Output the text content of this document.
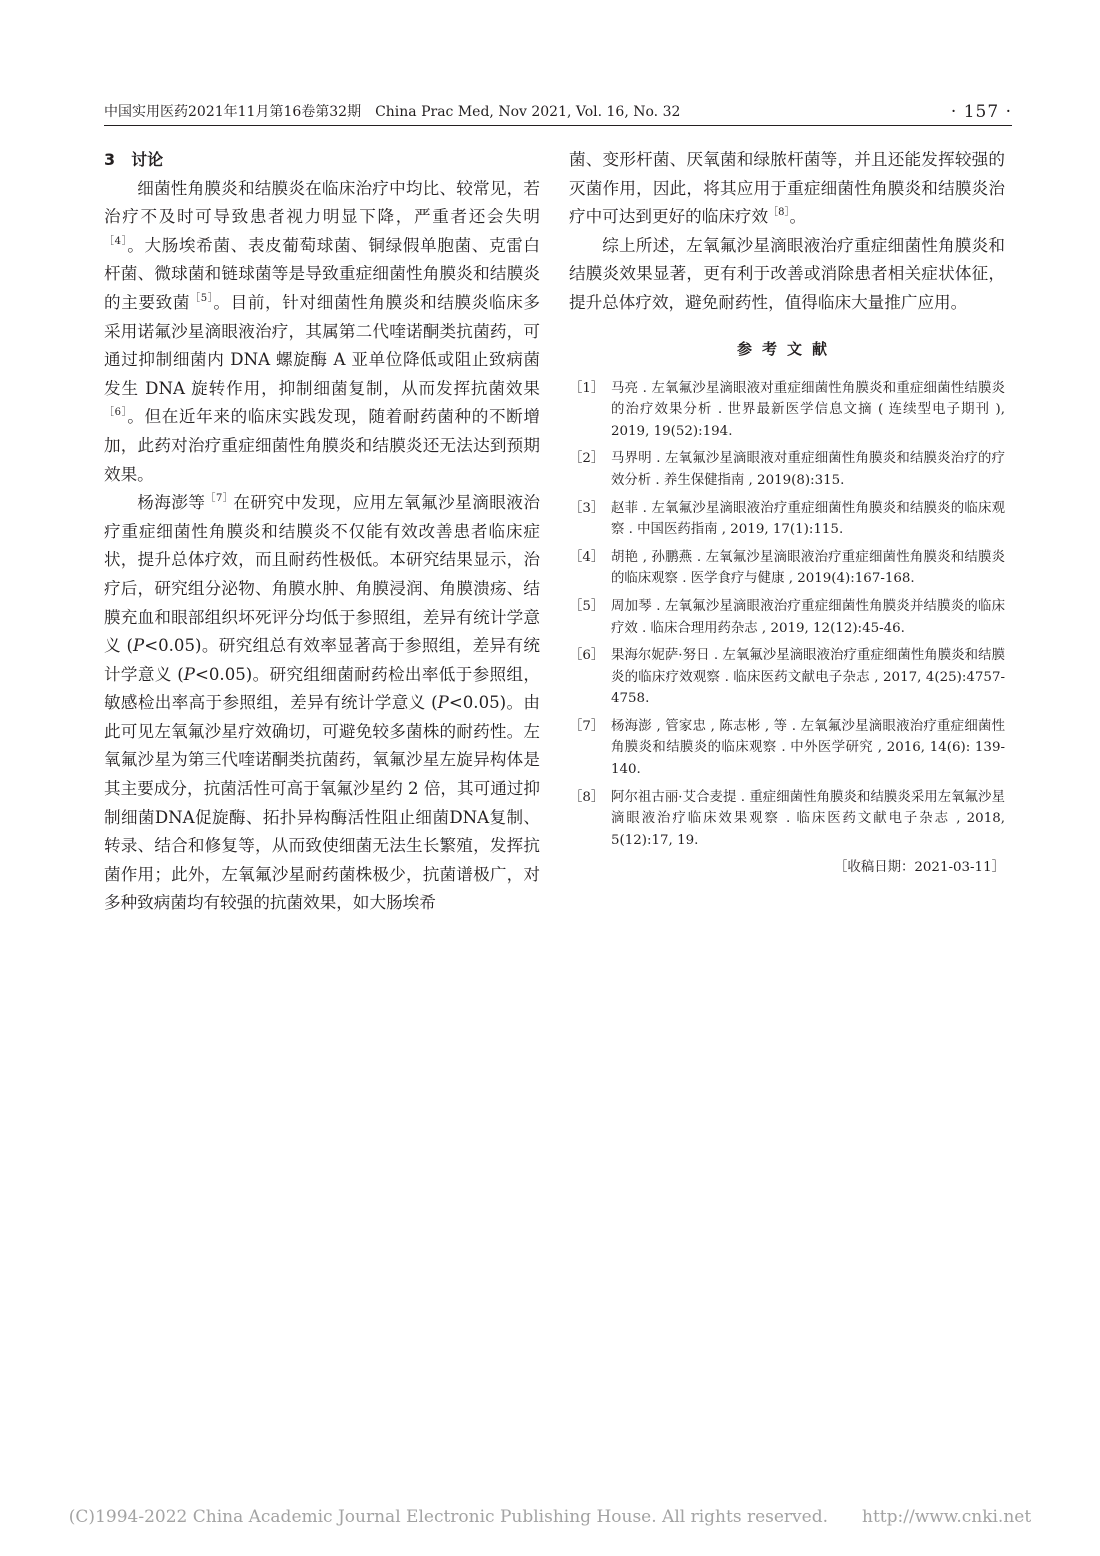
中国实用医药2021年11月第16卷第32期　China Prac Med, Nov 2021, Vol. 16, No. 32	· 157 ·
3　讨论

细菌性角膜炎和结膜炎在临床治疗中均比、较常见，若治疗不及时可导致患者视力明显下降，严重者还会失明$^{[4]}$。大肠埃希菌、表皮葡萄球菌、铜绿假单胞菌、克雷白杆菌、微球菌和链球菌等是导致重症细菌性角膜炎和结膜炎的主要致菌$^{[5]}$。目前，针对细菌性角膜炎和结膜炎临床多采用诺氟沙星滴眼液治疗，其属第二代喹诺酮类抗菌药，可通过抑制细菌内 DNA 螺旋酶 A 亚单位降低或阻止致病菌发生 DNA 旋转作用，抑制细菌复制，从而发挥抗菌效果$^{[6]}$。但在近年来的临床实践发现，随着耐药菌种的不断增加，此药对治疗重症细菌性角膜炎和结膜炎还无法达到预期效果。

杨海澎等$^{[7]}$在研究中发现，应用左氧氟沙星滴眼液治疗重症细菌性角膜炎和结膜炎不仅能有效改善患者临床症状，提升总体疗效，而且耐药性极低。本研究结果显示，治疗后，研究组分泌物、角膜水肿、角膜浸润、角膜溃疡、结膜充血和眼部组织坏死评分均低于参照组，差异有统计学意义 (P<0.05)。研究组总有效率显著高于参照组，差异有统计学意义 (P<0.05)。研究组细菌耐药检出率低于参照组，敏感检出率高于参照组，差异有统计学意义 (P<0.05)。由此可见左氧氟沙星疗效确切，可避免较多菌株的耐药性。左氧氟沙星为第三代喹诺酮类抗菌药，氧氟沙星左旋异构体是其主要成分，抗菌活性可高于氧氟沙星约 2 倍，其可通过抑制细菌DNA促旋酶、拓扑异构酶活性阻止细菌DNA复制、转录、结合和修复等，从而致使细菌无法生长繁殖，发挥抗菌作用；此外，左氧氟沙星耐药菌株极少，抗菌谱极广，对多种致病菌均有较强的抗菌效果，如大肠埃希

菌、变形杆菌、厌氧菌和绿脓杆菌等，并且还能发挥较强的灭菌作用，因此，将其应用于重症细菌性角膜炎和结膜炎治疗中可达到更好的临床疗效$^{[8]}$。

综上所述，左氧氟沙星滴眼液治疗重症细菌性角膜炎和结膜炎效果显著，更有利于改善或消除患者相关症状体征，提升总体疗效，避免耐药性，值得临床大量推广应用。

参考文献
［1］ 马亮 . 左氧氟沙星滴眼液对重症细菌性角膜炎和重症细菌性结膜炎的治疗效果分析 . 世界最新医学信息文摘 ( 连续型电子期刊 ), 2019, 19(52):194.
［2］ 马界明 . 左氧氟沙星滴眼液对重症细菌性角膜炎和结膜炎治疗的疗效分析 . 养生保健指南 , 2019(8):315.
［3］ 赵菲 . 左氧氟沙星滴眼液治疗重症细菌性角膜炎和结膜炎的临床观察 . 中国医药指南 , 2019, 17(1):115.
［4］ 胡艳 , 孙鹏燕 . 左氧氟沙星滴眼液治疗重症细菌性角膜炎和结膜炎的临床观察 . 医学食疗与健康 , 2019(4):167-168.
［5］ 周加琴 . 左氧氟沙星滴眼液治疗重症细菌性角膜炎并结膜炎的临床疗效 . 临床合理用药杂志 , 2019, 12(12):45-46.
［6］ 果海尔妮萨·努日 . 左氧氟沙星滴眼液治疗重症细菌性角膜炎和结膜炎的临床疗效观察 . 临床医药文献电子杂志 , 2017, 4(25):4757-4758.
［7］ 杨海澎 , 管家忠 , 陈志彬 , 等 . 左氧氟沙星滴眼液治疗重症细菌性角膜炎和结膜炎的临床观察 . 中外医学研究 , 2016, 14(6): 139-140.
［8］ 阿尔祖古丽·艾合麦提 . 重症细菌性角膜炎和结膜炎采用左氧氟沙星滴眼液治疗临床效果观察 . 临床医药文献电子杂志 , 2018, 5(12):17, 19.
［收稿日期：2021-03-11］
(C)1994-2022 China Academic Journal Electronic Publishing House. All rights reserved.　　http://www.cnki.net
